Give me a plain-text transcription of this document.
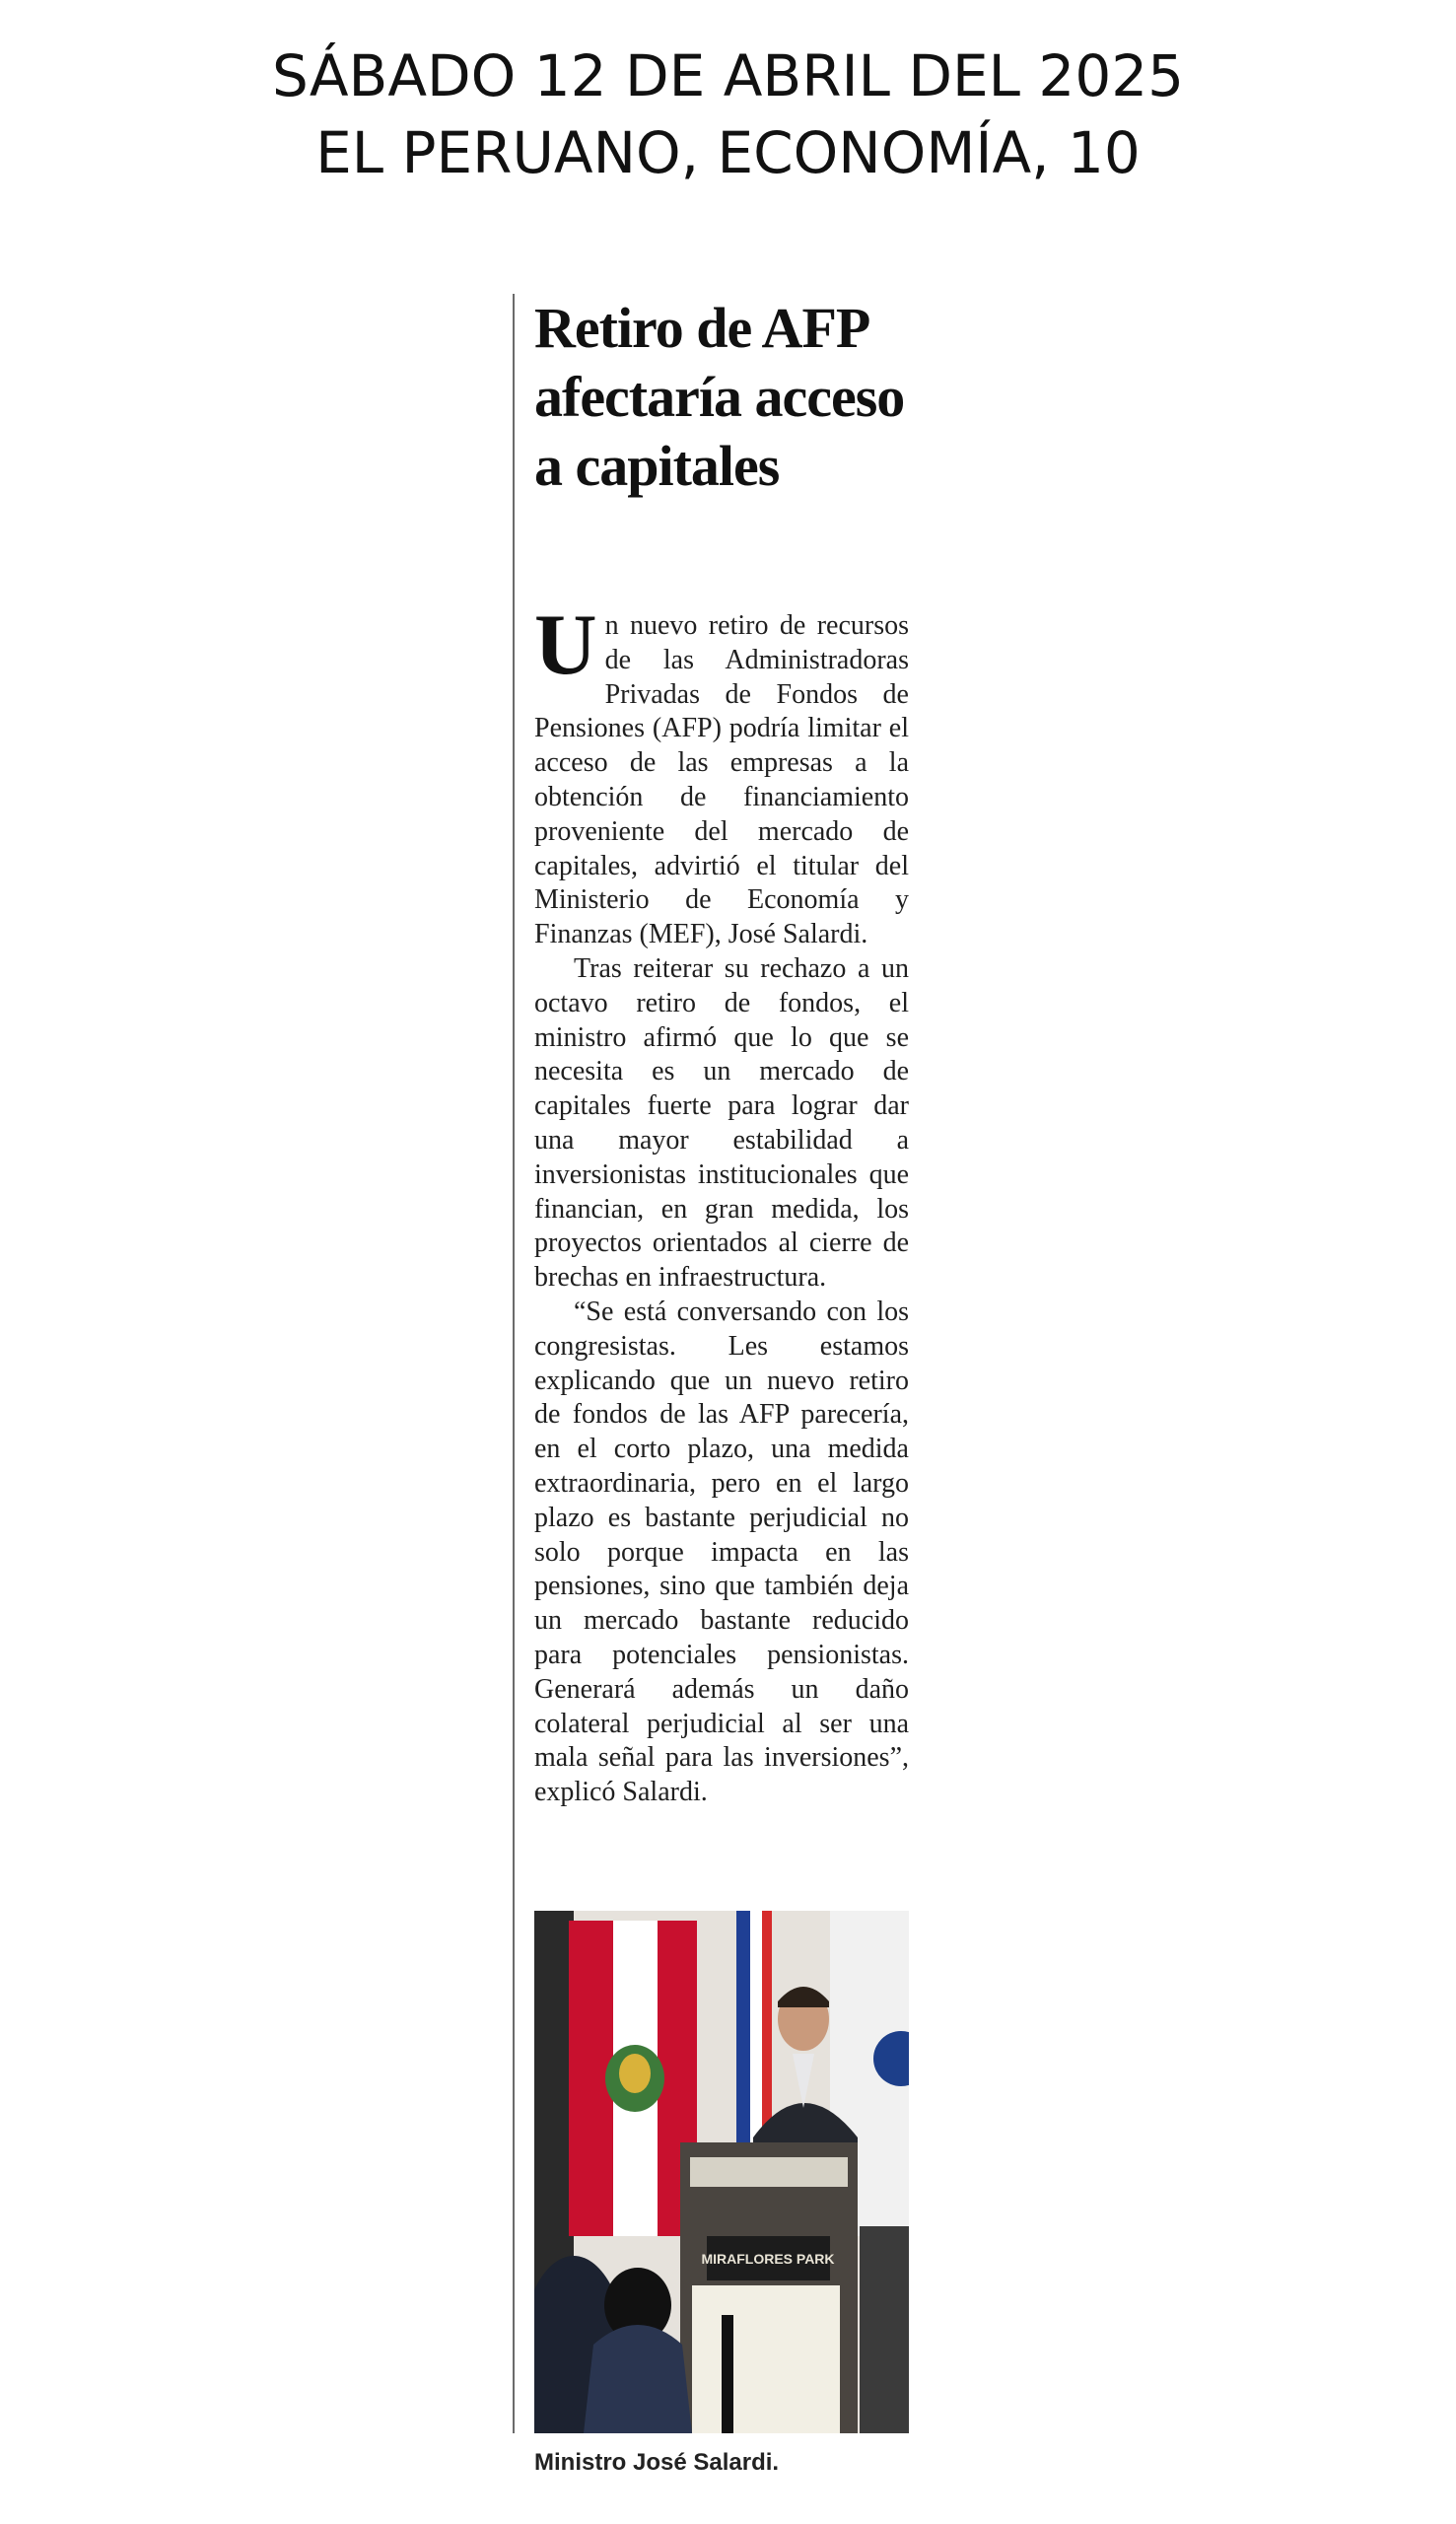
SÁBADO 12 DE ABRIL DEL 2025
EL PERUANO, ECONOMÍA, 10
Retiro de AFP afectaría acceso a capitales

Un nuevo retiro de recursos de las Administradoras Privadas de Fondos de Pensiones (AFP) podría limitar el acceso de las empresas a la obtención de financiamiento proveniente del mercado de capitales, advirtió el titular del Ministerio de Economía y Finanzas (MEF), José Salardi.

Tras reiterar su rechazo a un octavo retiro de fondos, el ministro afirmó que lo que se necesita es un mercado de capitales fuerte para lograr dar una mayor estabilidad a inversionistas institucionales que financian, en gran medida, los proyectos orientados al cierre de brechas en infraestructura.

“Se está conversando con los congresistas. Les estamos explicando que un nuevo retiro de fondos de las AFP parecería, en el corto plazo, una medida extraordinaria, pero en el largo plazo es bastante perjudicial no solo porque impacta en las pensiones, sino que también deja un mercado bastante reducido para potenciales pensionistas. Generará además un daño colateral perjudicial al ser una mala señal para las inversiones”, explicó Salardi.

MIRAFLORES PARK
Ministro José Salardi.
